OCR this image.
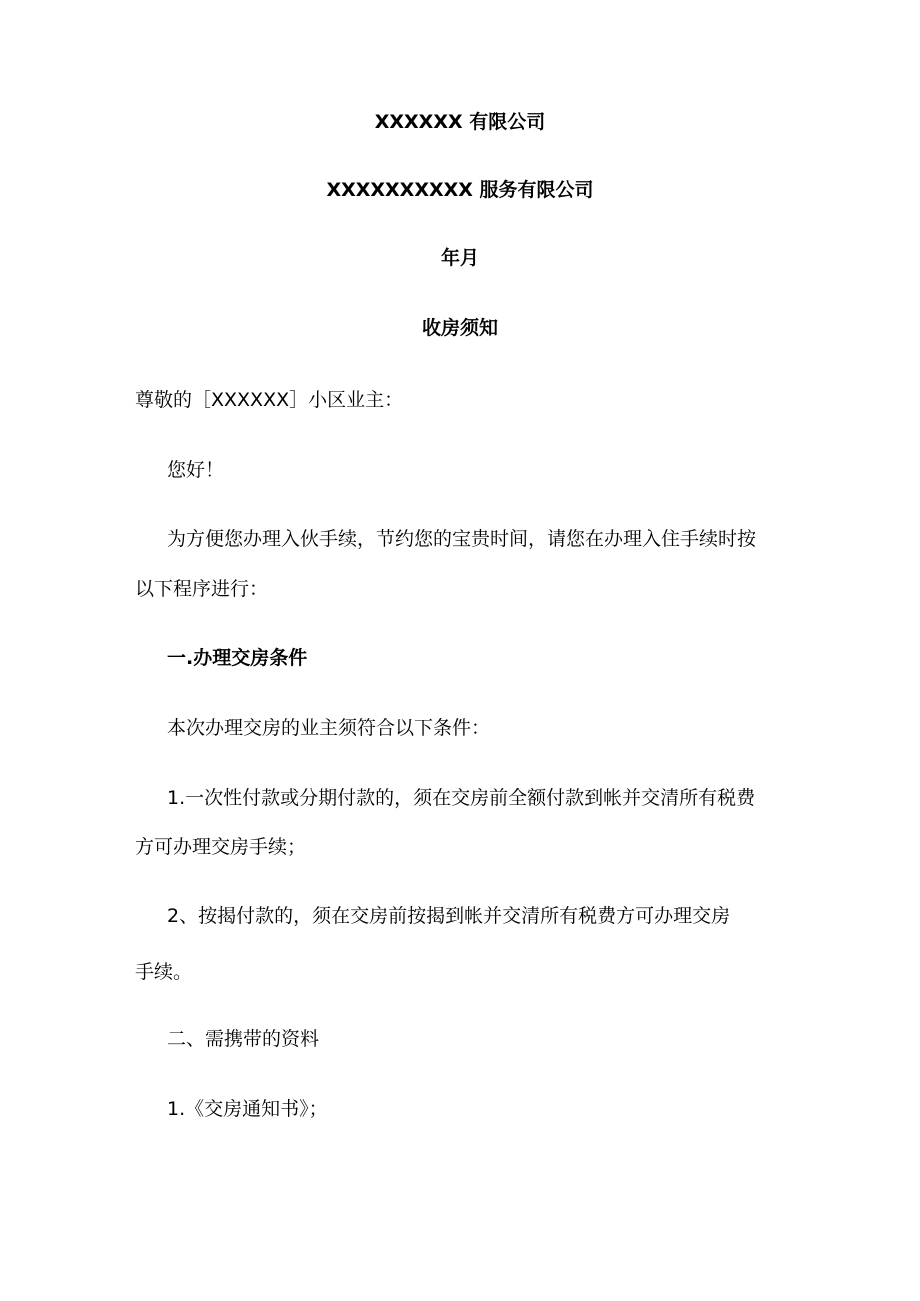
XXXXXX 有限公司

XXXXXXXXXX 服务有限公司

年月

收房须知

尊敬的［XXXXXX］小区业主：

您好！

为方便您办理入伙手续，节约您的宝贵时间，请您在办理入住手续时按

以下程序进行：

一.办理交房条件

本次办理交房的业主须符合以下条件：

1.一次性付款或分期付款的，须在交房前全额付款到帐并交清所有税费

方可办理交房手续；

2、按揭付款的，须在交房前按揭到帐并交清所有税费方可办理交房

手续。

二、需携带的资料

1.《交房通知书》；
